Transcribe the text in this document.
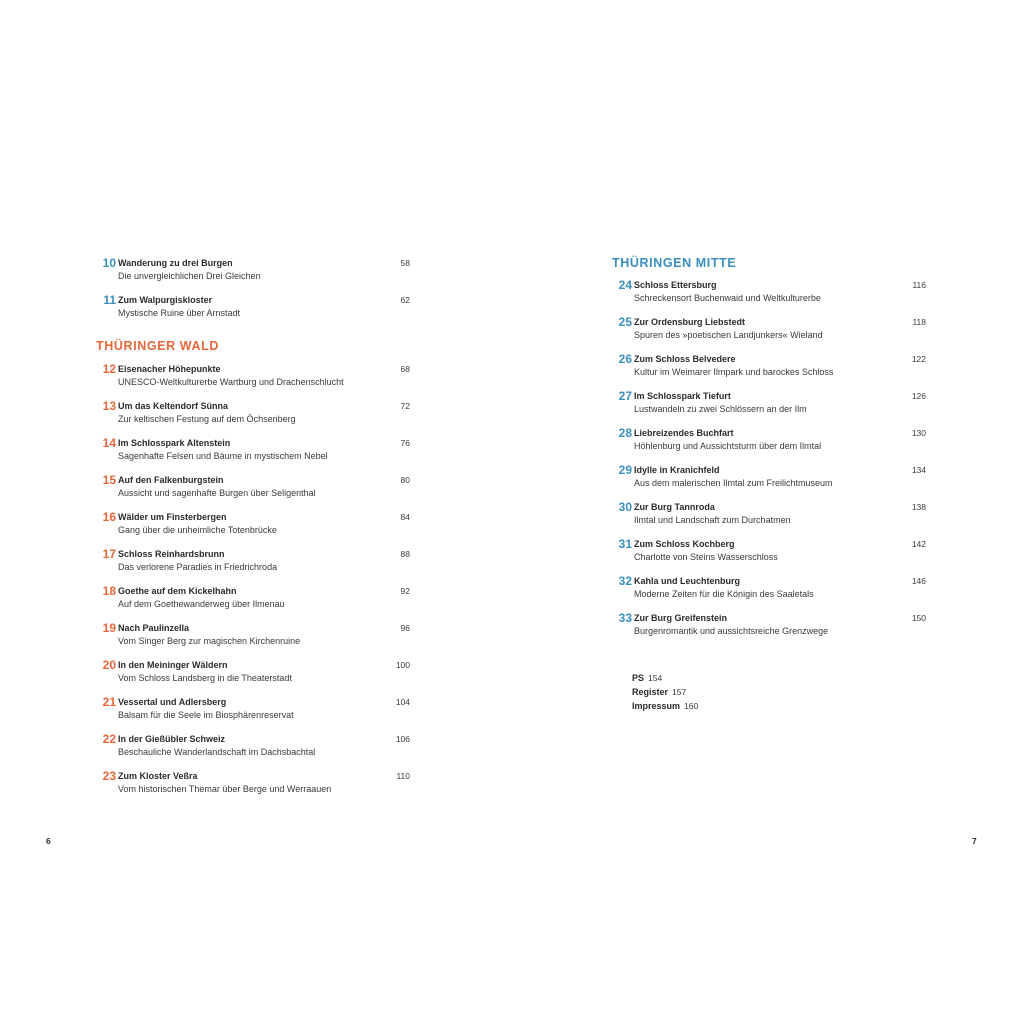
10 Wanderung zu drei Burgen
Die unvergleichlichen Drei Gleichen
58
11 Zum Walpurgiskloster
Mystische Ruine über Arnstadt
62
THÜRINGER WALD
12 Eisenacher Höhepunkte
UNESCO-Weltkulturerbe Wartburg und Drachenschlucht
68
13 Um das Keltendorf Sünna
Zur keltischen Festung auf dem Öchsenberg
72
14 Im Schlosspark Altenstein
Sagenhafte Felsen und Bäume in mystischem Nebel
76
15 Auf den Falkenburgstein
Aussicht und sagenhafte Burgen über Seligenthal
80
16 Wälder um Finsterbergen
Gang über die unheimliche Totenbrücke
84
17 Schloss Reinhardsbrunn
Das verlorene Paradies in Friedrichroda
88
18 Goethe auf dem Kickelhahn
Auf dem Goethewanderweg über Ilmenau
92
19 Nach Paulinzella
Vom Singer Berg zur magischen Kirchenruine
96
20 In den Meininger Wäldern
Vom Schloss Landsberg in die Theaterstadt
100
21 Vessertal und Adlersberg
Balsam für die Seele im Biosphärenreservat
104
22 In der Gießübler Schweiz
Beschauliche Wanderlandschaft im Dachsbachtal
106
23 Zum Kloster Veßra
Vom historischen Themar über Berge und Werraauen
110
THÜRINGEN MITTE
24 Schloss Ettersburg
Schreckensort Buchenwaid und Weltkulturerbe
116
25 Zur Ordensburg Liebstedt
Spuren des »poetischen Landjunkers« Wieland
118
26 Zum Schloss Belvedere
Kultur im Weimarer Ilmpark und barockes Schloss
122
27 Im Schlosspark Tiefurt
Lustwandeln zu zwei Schlössern an der Ilm
126
28 Liebreizendes Buchfart
Höhlenburg und Aussichtsturm über dem Ilmtal
130
29 Idylle in Kranichfeld
Aus dem malerischen Ilmtal zum Freilichtmuseum
134
30 Zur Burg Tannroda
Ilmtal und Landschaft zum Durchatmen
138
31 Zum Schloss Kochberg
Charlotte von Steins Wasserschloss
142
32 Kahla und Leuchtenburg
Moderne Zeiten für die Königin des Saaletals
146
33 Zur Burg Greifenstein
Burgenromantik und aussichtsreiche Grenzwege
150
PS 154
Register 157
Impressum 160
6	7
